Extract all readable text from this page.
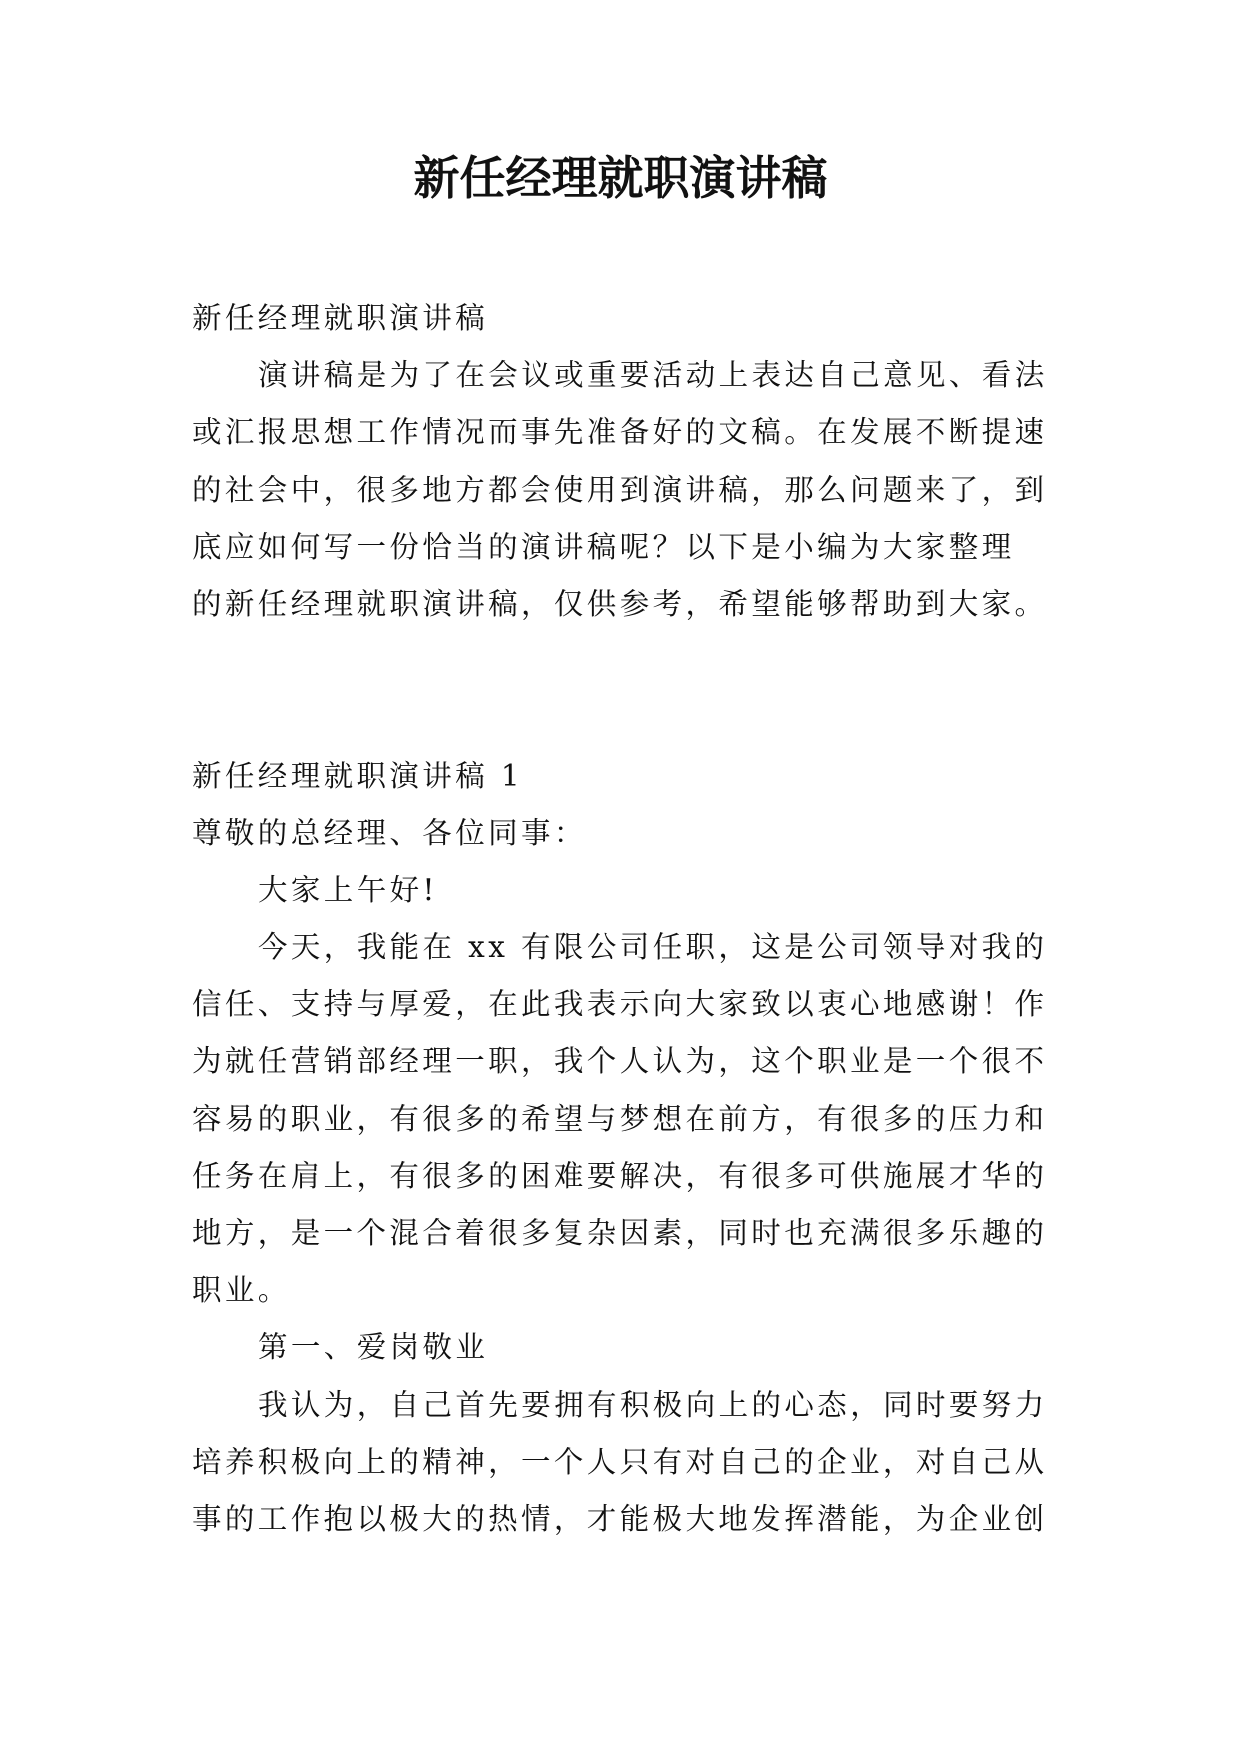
新任经理就职演讲稿
新任经理就职演讲稿
演讲稿是为了在会议或重要活动上表达自己意见、看法
或汇报思想工作情况而事先准备好的文稿。在发展不断提速
的社会中，很多地方都会使用到演讲稿，那么问题来了，到
底应如何写一份恰当的演讲稿呢？以下是小编为大家整理
的新任经理就职演讲稿，仅供参考，希望能够帮助到大家。
新任经理就职演讲稿 1
尊敬的总经理、各位同事：
大家上午好!
今天，我能在 xx 有限公司任职，这是公司领导对我的
信任、支持与厚爱，在此我表示向大家致以衷心地感谢！作
为就任营销部经理一职，我个人认为，这个职业是一个很不
容易的职业，有很多的希望与梦想在前方，有很多的压力和
任务在肩上，有很多的困难要解决，有很多可供施展才华的
地方，是一个混合着很多复杂因素，同时也充满很多乐趣的
职业。
第一、爱岗敬业
我认为，自己首先要拥有积极向上的心态，同时要努力
培养积极向上的精神，一个人只有对自己的企业，对自己从
事的工作抱以极大的热情，才能极大地发挥潜能，为企业创
